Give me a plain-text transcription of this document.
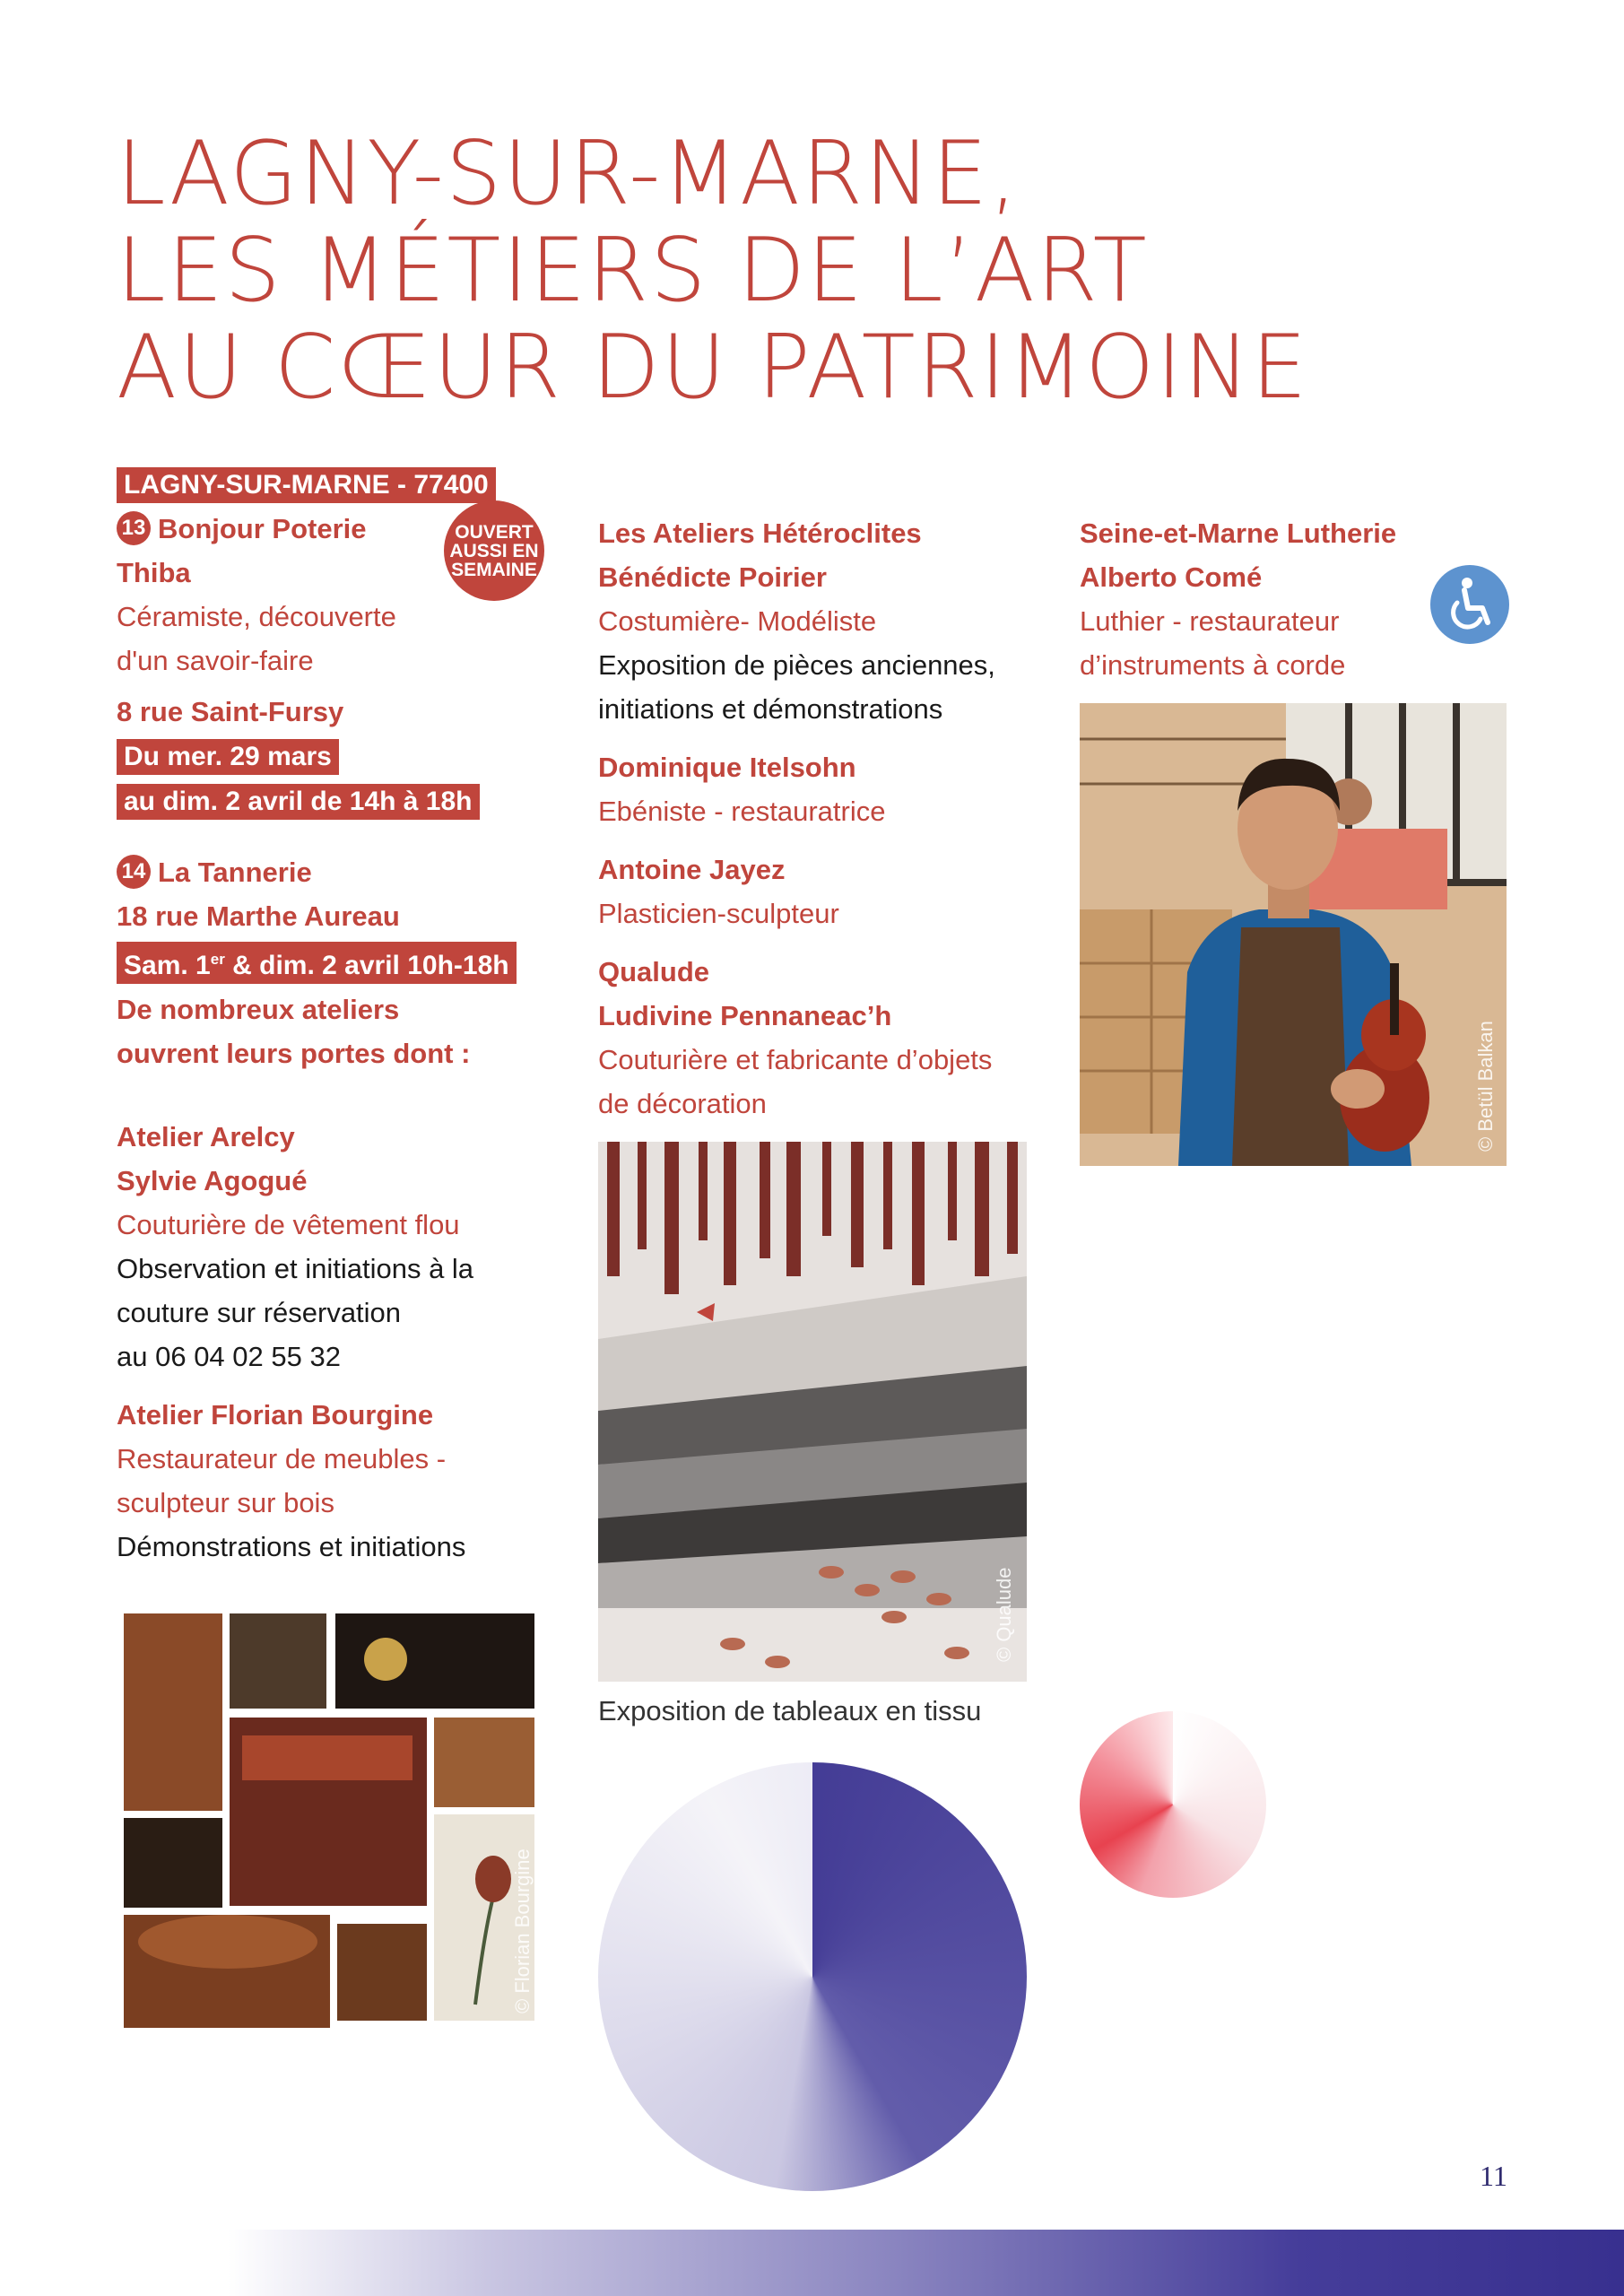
LAGNY-SUR-MARNE,
LES MÉTIERS DE L’ART
AU CŒUR DU PATRIMOINE
LAGNY-SUR-MARNE - 77400
13 Bonjour Poterie
Thiba
Céramiste, découverte
d'un savoir-faire
8 rue Saint-Fursy
Du mer. 29 mars
au dim. 2 avril de 14h à 18h
14 La Tannerie
18 rue Marthe Aureau
Sam. 1er & dim. 2 avril 10h-18h
De nombreux ateliers
ouvrent leurs portes dont :
Atelier Arelcy
Sylvie Agogué
Couturière de vêtement flou
Observation et initiations à la
couture sur réservation
au 06 04 02 55 32
Atelier Florian Bourgine
Restaurateur de meubles -
sculpteur sur bois
Démonstrations et initiations
OUVERT
AUSSI EN
SEMAINE
Les Ateliers Hétéroclites
Bénédicte Poirier
Costumière- Modéliste
Exposition de pièces anciennes,
initiations et démonstrations
Dominique Itelsohn
Ebéniste - restauratrice
Antoine Jayez
Plasticien-sculpteur
Qualude
Ludivine Pennaneac’h
Couturière et fabricante d’objets
de décoration
Seine-et-Marne Lutherie
Alberto Comé
Luthier - restaurateur
d’instruments à corde
© Betül Balkan
© Qualude
Exposition de tableaux en tissu
© Florian Bourgine
11
